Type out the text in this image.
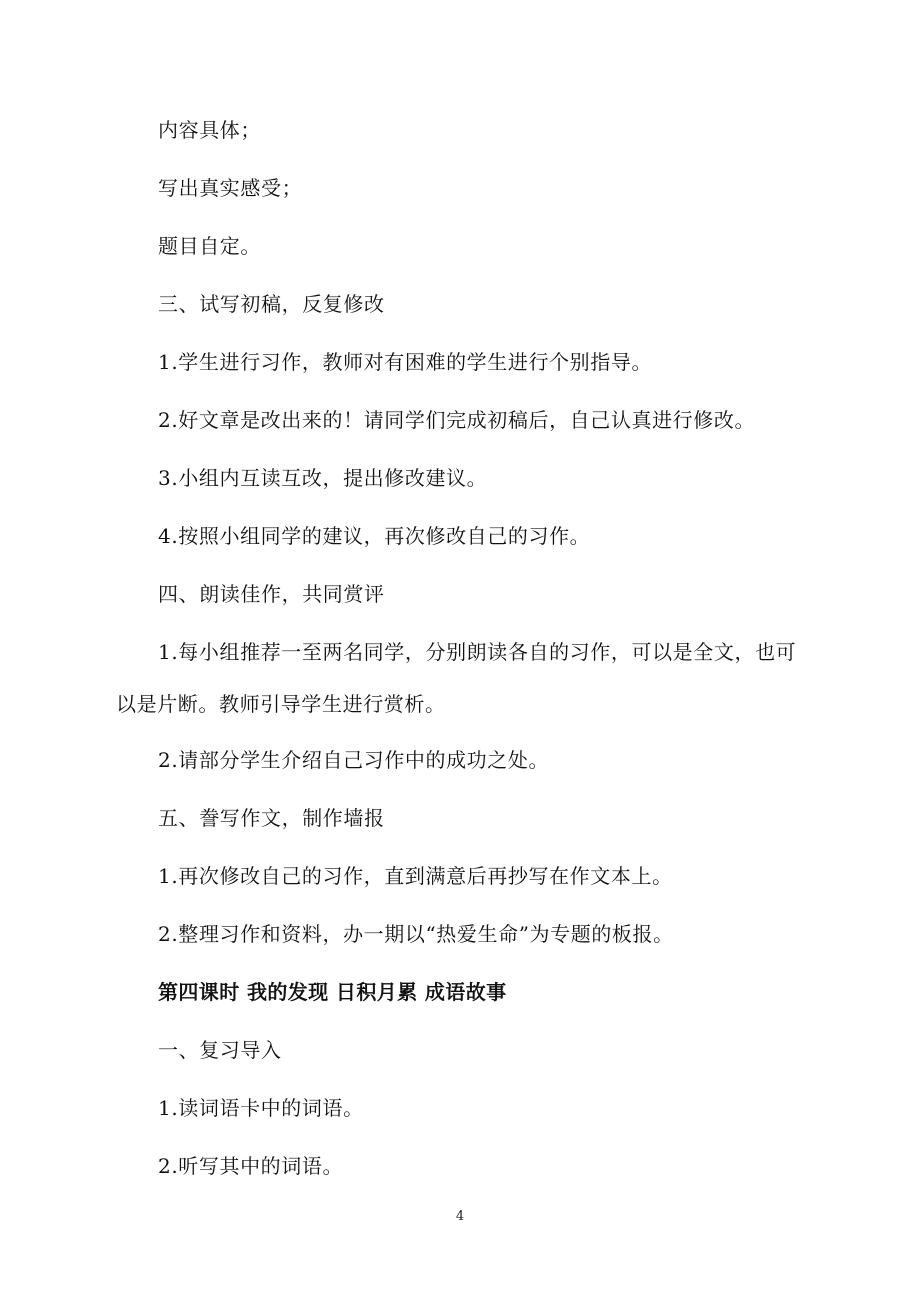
内容具体；
写出真实感受；
题目自定。
三、试写初稿，反复修改
1.学生进行习作，教师对有困难的学生进行个别指导。
2.好文章是改出来的！请同学们完成初稿后，自己认真进行修改。
3.小组内互读互改，提出修改建议。
4.按照小组同学的建议，再次修改自己的习作。
四、朗读佳作，共同赏评
1.每小组推荐一至两名同学，分别朗读各自的习作，可以是全文，也可以是片断。教师引导学生进行赏析。
2.请部分学生介绍自己习作中的成功之处。
五、誊写作文，制作墙报
1.再次修改自己的习作，直到满意后再抄写在作文本上。
2.整理习作和资料，办一期以“热爱生命”为专题的板报。
第四课时 我的发现 日积月累 成语故事
一、复习导入
1.读词语卡中的词语。
2.听写其中的词语。
4
